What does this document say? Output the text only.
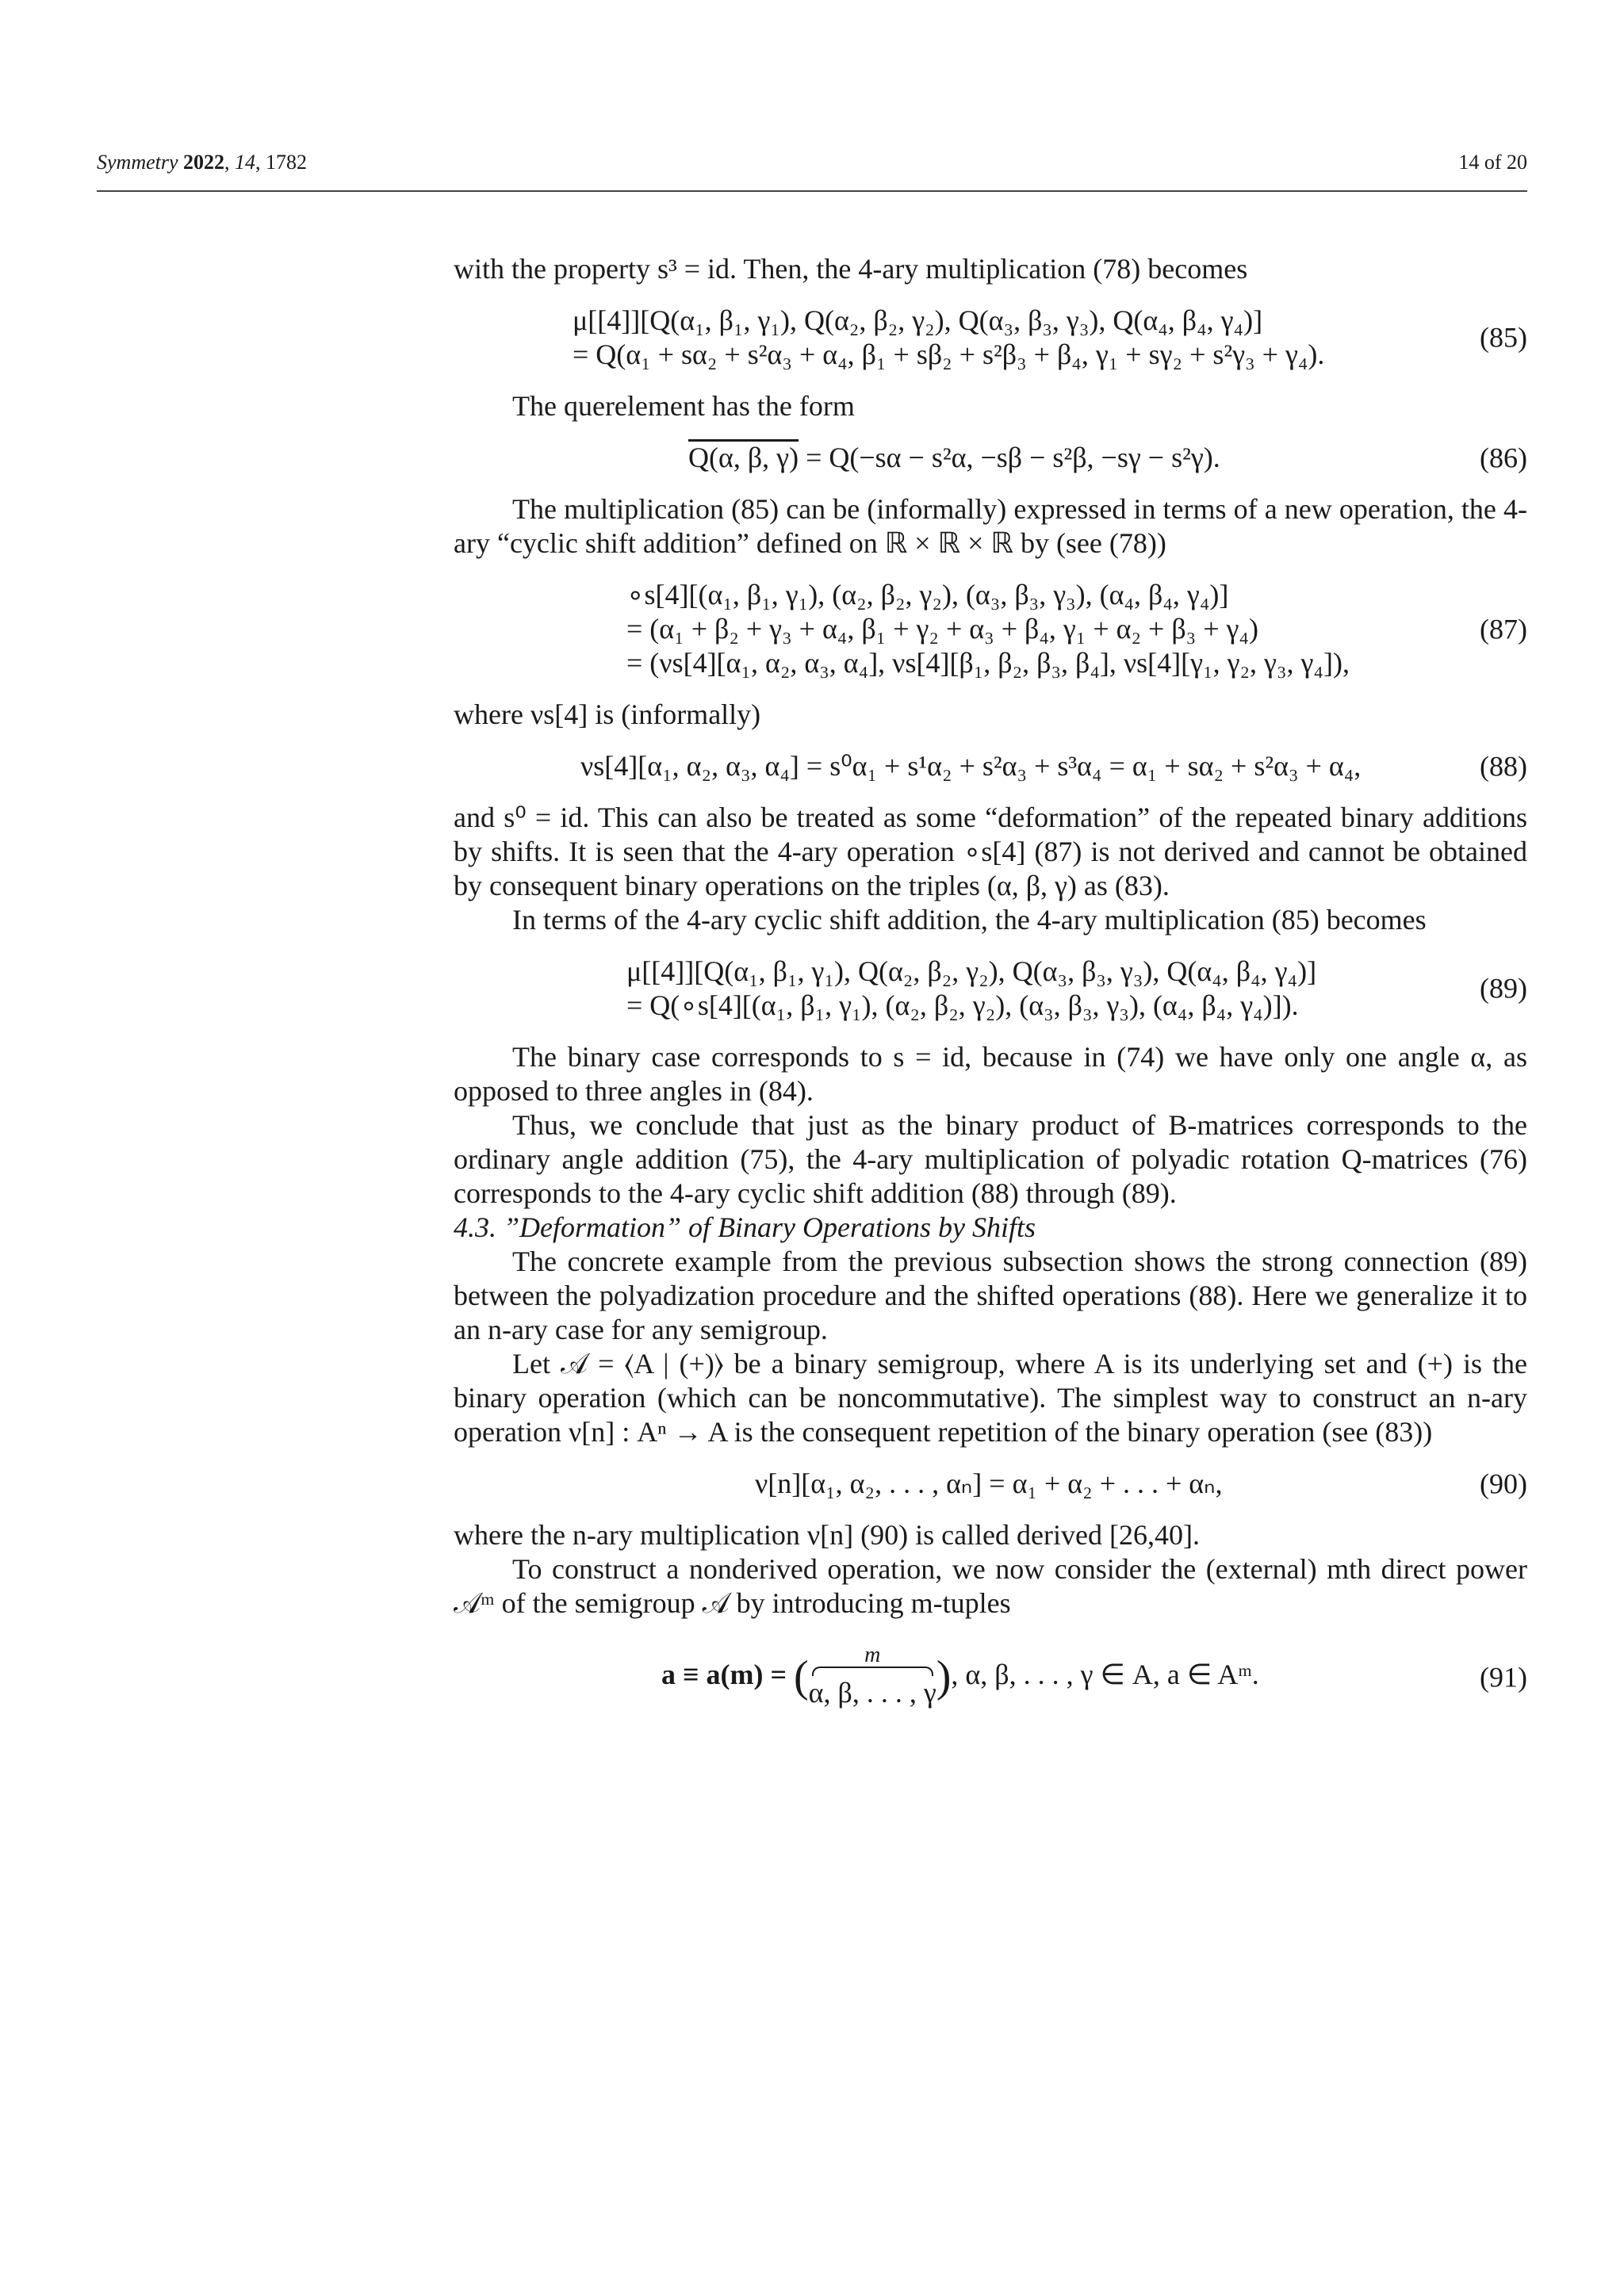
Symmetry 2022, 14, 1782	14 of 20

with the property s³ = id. Then, the 4-ary multiplication (78) becomes

μ[[4]][Q(α₁, β₁, γ₁), Q(α₂, β₂, γ₂), Q(α₃, β₃, γ₃), Q(α₄, β₄, γ₄)]
= Q(α₁ + sα₂ + s²α₃ + α₄, β₁ + sβ₂ + s²β₃ + β₄, γ₁ + sγ₂ + s²γ₃ + γ₄).
(85)

The querelement has the form

Q(α, β, γ) = Q(−sα − s²α, −sβ − s²β, −sγ − s²γ).	(86)

The multiplication (85) can be (informally) expressed in terms of a new operation, the 4-ary “cyclic shift addition” defined on ℝ × ℝ × ℝ by (see (78))

∘s[4][(α₁, β₁, γ₁), (α₂, β₂, γ₂), (α₃, β₃, γ₃), (α₄, β₄, γ₄)]
= (α₁ + β₂ + γ₃ + α₄, β₁ + γ₂ + α₃ + β₄, γ₁ + α₂ + β₃ + γ₄)
= (νs[4][α₁, α₂, α₃, α₄], νs[4][β₁, β₂, β₃, β₄], νs[4][γ₁, γ₂, γ₃, γ₄]),
(87)

where νs[4] is (informally)

νs[4][α₁, α₂, α₃, α₄] = s⁰α₁ + s¹α₂ + s²α₃ + s³α₄ = α₁ + sα₂ + s²α₃ + α₄,	(88)

and s⁰ = id. This can also be treated as some “deformation” of the repeated binary additions by shifts. It is seen that the 4-ary operation ∘s[4] (87) is not derived and cannot be obtained by consequent binary operations on the triples (α, β, γ) as (83).

In terms of the 4-ary cyclic shift addition, the 4-ary multiplication (85) becomes

μ[[4]][Q(α₁, β₁, γ₁), Q(α₂, β₂, γ₂), Q(α₃, β₃, γ₃), Q(α₄, β₄, γ₄)]
= Q(∘s[4][(α₁, β₁, γ₁), (α₂, β₂, γ₂), (α₃, β₃, γ₃), (α₄, β₄, γ₄)]).
(89)

The binary case corresponds to s = id, because in (74) we have only one angle α, as opposed to three angles in (84).

Thus, we conclude that just as the binary product of B-matrices corresponds to the ordinary angle addition (75), the 4-ary multiplication of polyadic rotation Q-matrices (76) corresponds to the 4-ary cyclic shift addition (88) through (89).

4.3. ”Deformation” of Binary Operations by Shifts

The concrete example from the previous subsection shows the strong connection (89) between the polyadization procedure and the shifted operations (88). Here we generalize it to an n-ary case for any semigroup.

Let 𝒜 = ⟨A | (+)⟩ be a binary semigroup, where A is its underlying set and (+) is the binary operation (which can be noncommutative). The simplest way to construct an n-ary operation ν[n] : Aⁿ → A is the consequent repetition of the binary operation (see (83))

ν[n][α₁, α₂, . . . , αₙ] = α₁ + α₂ + . . . + αₙ,	(90)

where the n-ary multiplication ν[n] (90) is called derived [26,40].

To construct a nonderived operation, we now consider the (external) mth direct power 𝒜ᵐ of the semigroup 𝒜 by introducing m-tuples

a ≡ a(m) = (	m
α, β, . . . , γ), α, β, . . . , γ ∈ A, a ∈ Aᵐ.	(91)
